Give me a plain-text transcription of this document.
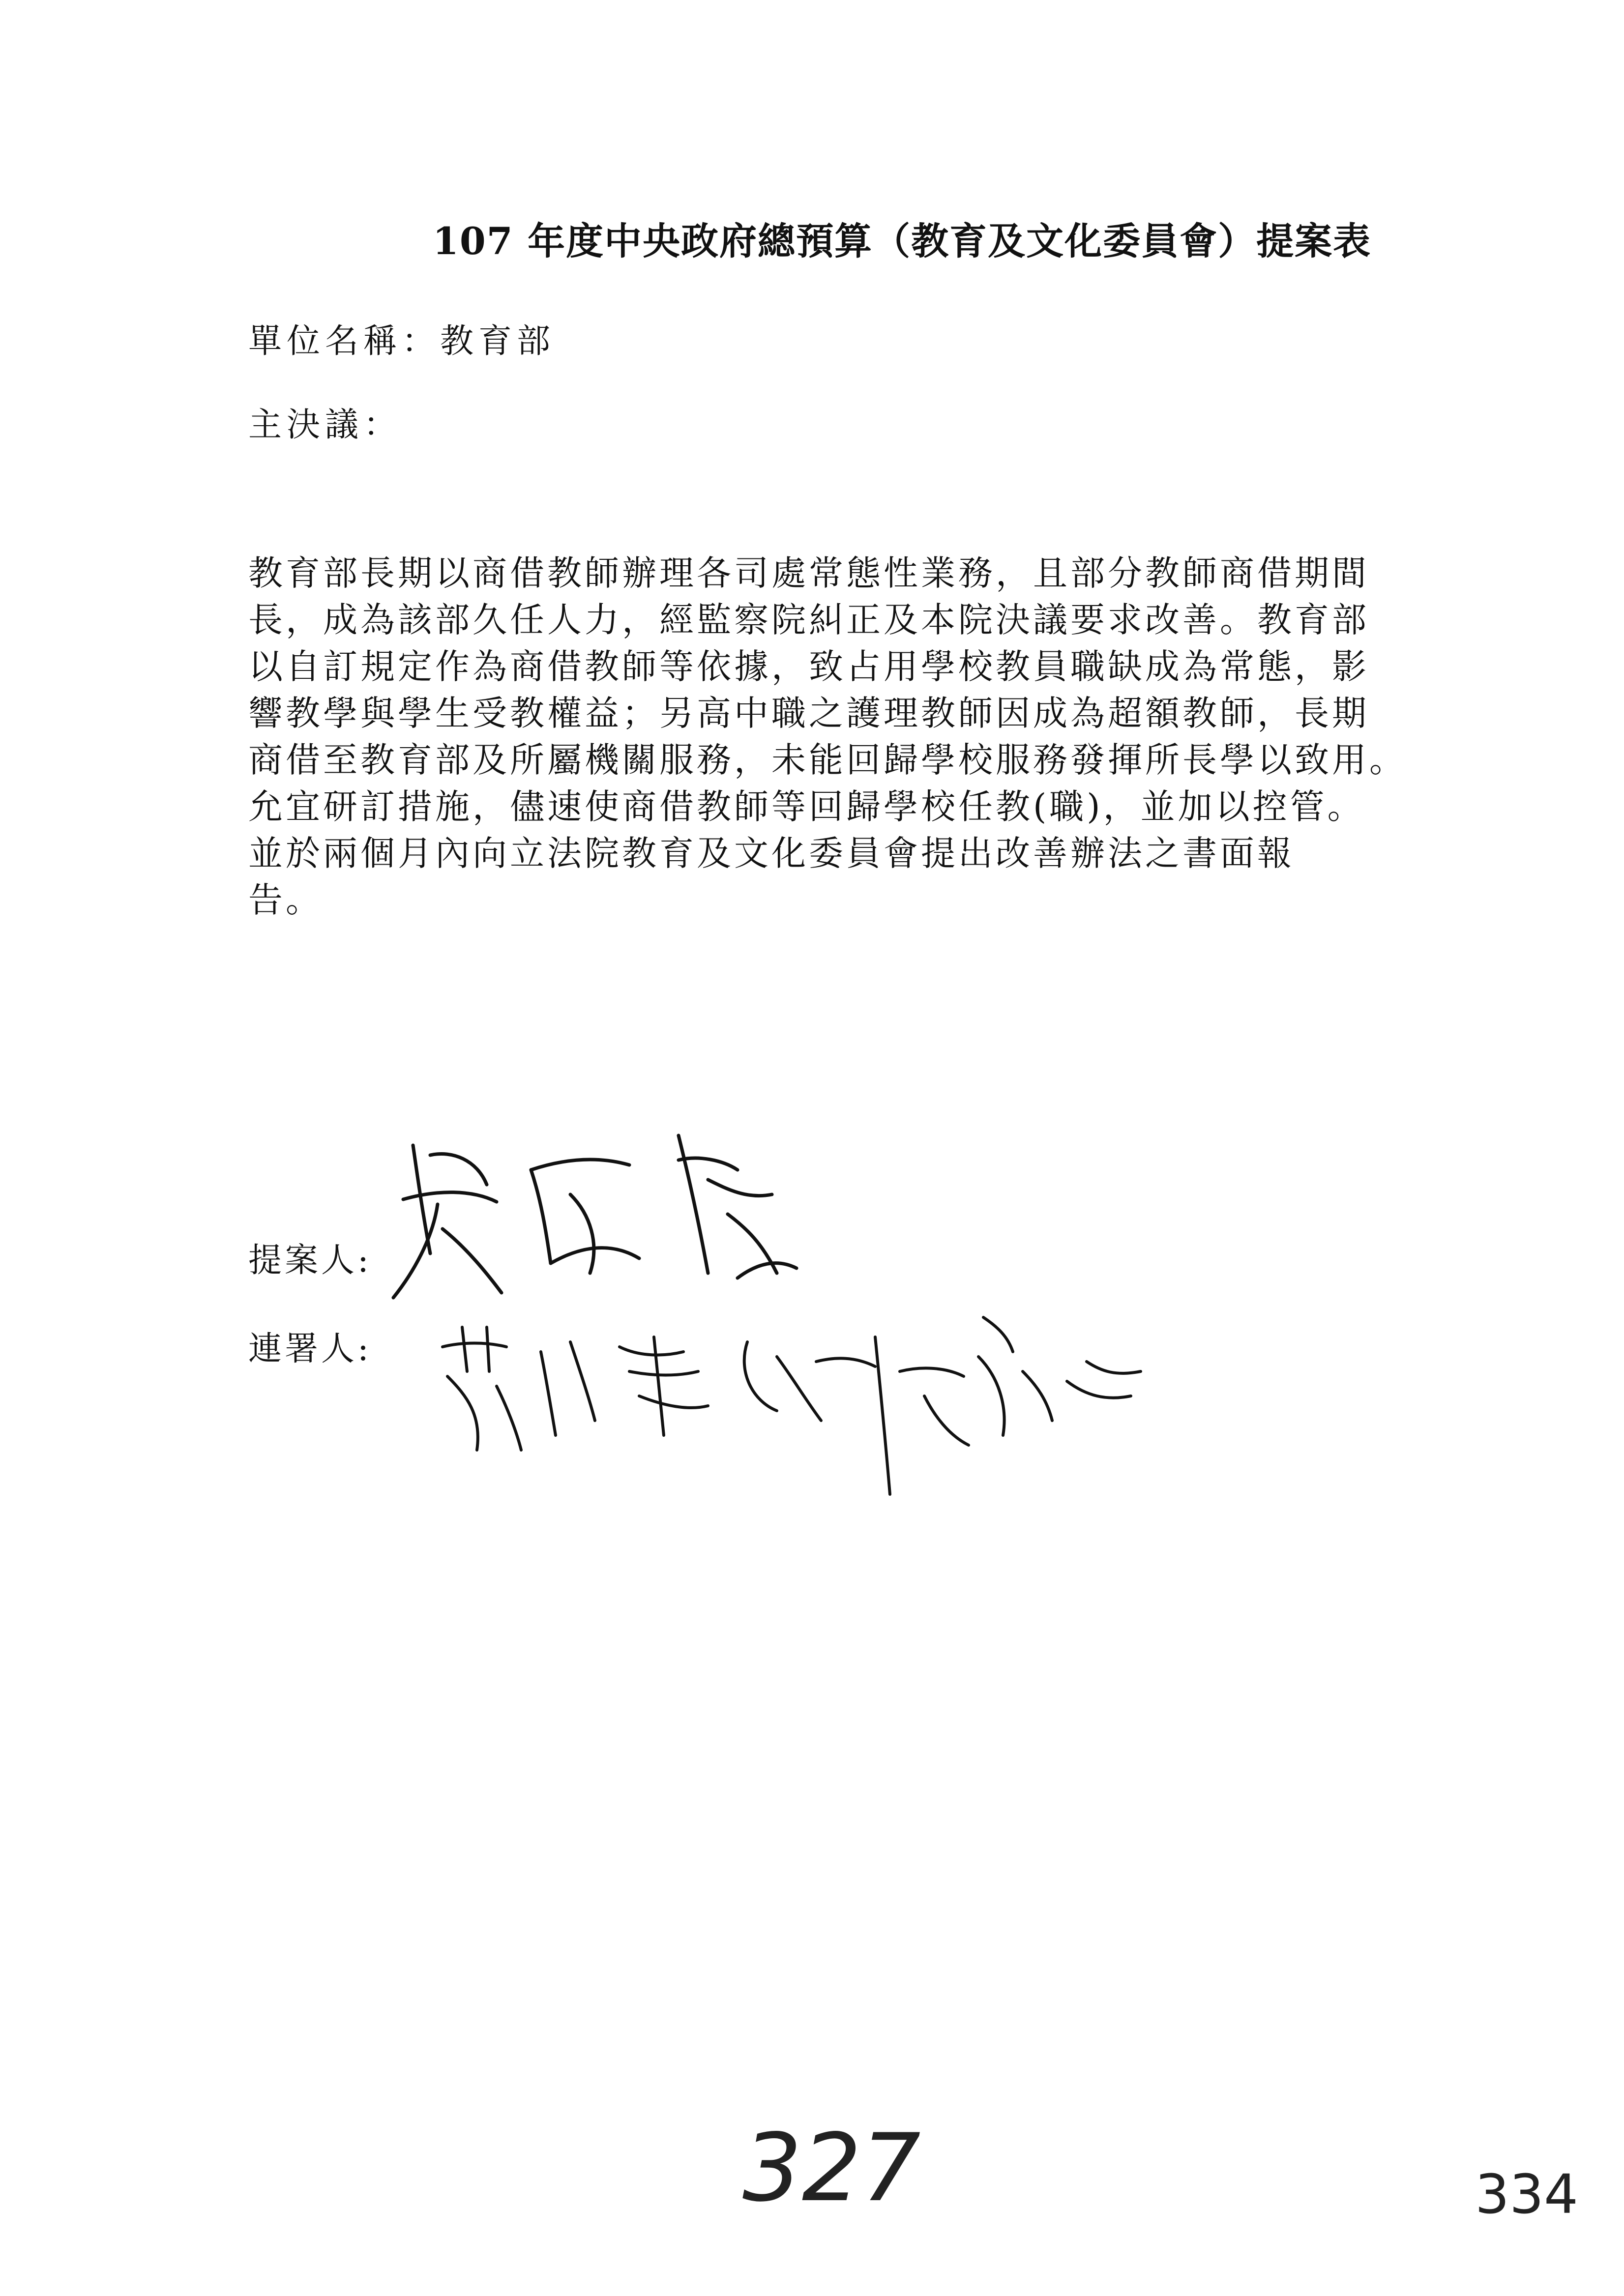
107 年度中央政府總預算（教育及文化委員會）提案表
單位名稱：教育部
主決議：
教育部長期以商借教師辦理各司處常態性業務，且部分教師商借期間
長，成為該部久任人力，經監察院糾正及本院決議要求改善。教育部
以自訂規定作為商借教師等依據，致占用學校教員職缺成為常態，影
響教學與學生受教權益；另高中職之護理教師因成為超額教師，長期
商借至教育部及所屬機關服務，未能回歸學校服務發揮所長學以致用。
允宜研訂措施，儘速使商借教師等回歸學校任教(職)，並加以控管。
並於兩個月內向立法院教育及文化委員會提出改善辦法之書面報
告。
提案人:
連署人:
327	334
